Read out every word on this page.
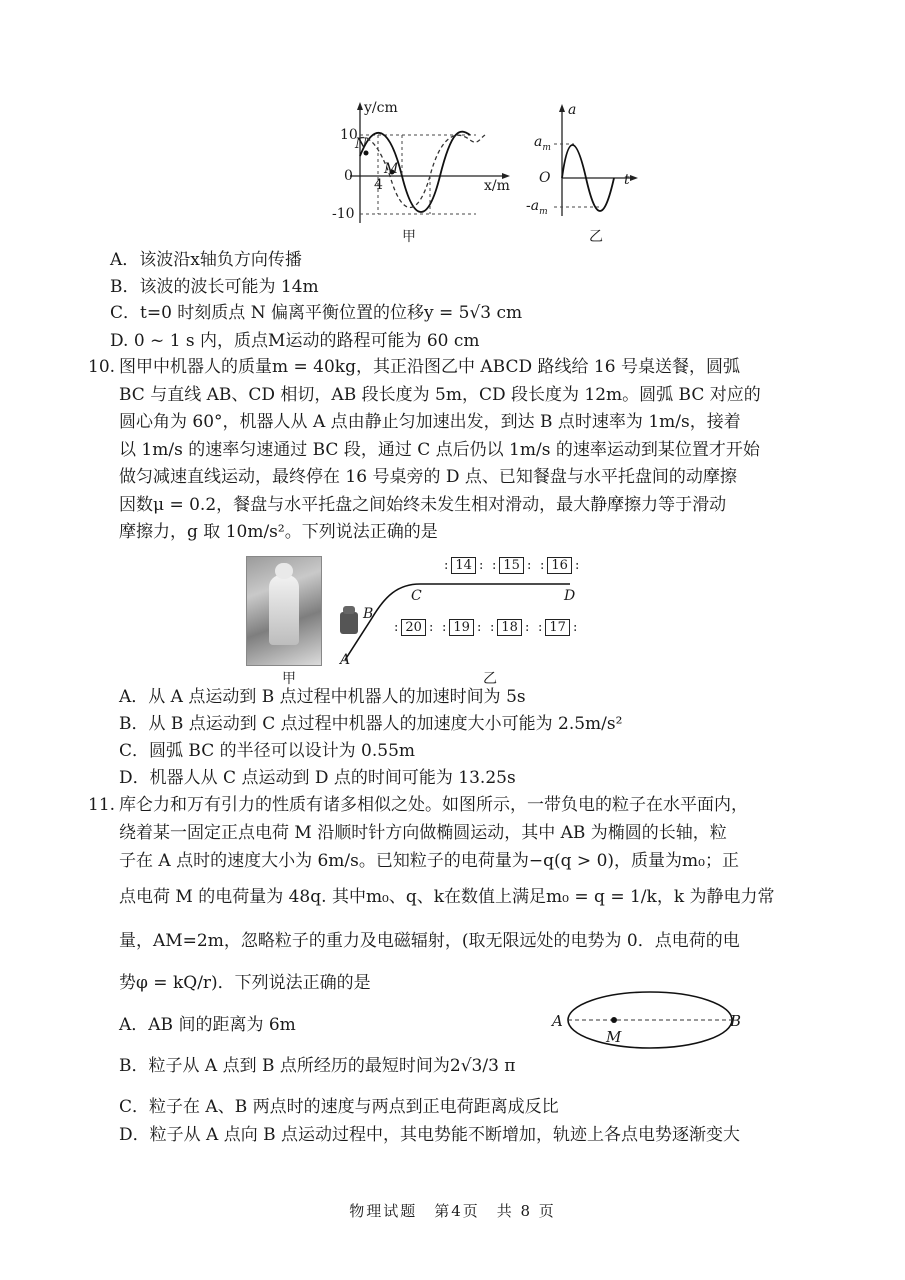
y/cm
x/m
10
0
-10
4
N
M
甲
a
t
O
$a_m$
$-a_m$
乙
A．该波沿x轴负方向传播
B．该波的波长可能为 14m
C．t=0 时刻质点 N 偏离平衡位置的位移y = 5√3 cm
D. 0 ~ 1 s 内，质点M运动的路程可能为 60 cm
10. 图甲中机器人的质量m = 40kg，其正沿图乙中 ABCD 路线给 16 号桌送餐，圆弧
BC 与直线 AB、CD 相切，AB 段长度为 5m，CD 段长度为 12m。圆弧 BC 对应的
圆心角为 60°，机器人从 A 点由静止匀加速出发，到达 B 点时速率为 1m/s，接着
以 1m/s 的速率匀速通过 BC 段，通过 C 点后仍以 1m/s 的速率运动到某位置才开始
做匀减速直线运动，最终停在 16 号桌旁的 D 点、已知餐盘与水平托盘间的动摩擦
因数μ = 0.2，餐盘与水平托盘之间始终未发生相对滑动，最大静摩擦力等于滑动
摩擦力，g 取 10m/s²。下列说法正确的是
甲
A
B
C	D
: 14 : : 15 : : 16 :
: 20 : : 19 : : 18 : : 17 :
乙
A．从 A 点运动到 B 点过程中机器人的加速时间为 5s
B．从 B 点运动到 C 点过程中机器人的加速度大小可能为 2.5m/s²
C．圆弧 BC 的半径可以设计为 0.55m
D．机器人从 C 点运动到 D 点的时间可能为 13.25s
11. 库仑力和万有引力的性质有诸多相似之处。如图所示，一带负电的粒子在水平面内，
绕着某一固定正点电荷 M 沿顺时针方向做椭圆运动，其中 AB 为椭圆的长轴，粒
子在 A 点时的速度大小为 6m/s。已知粒子的电荷量为−q(q > 0)，质量为m₀；正
点电荷 M 的电荷量为 48q. 其中m₀、q、k在数值上满足m₀ = q = 1/k，k 为静电力常
量，AM=2m，忽略粒子的重力及电磁辐射，(取无限远处的电势为 0．点电荷的电
势φ = kQ/r)．下列说法正确的是
A	B
M
A．AB 间的距离为 6m
B．粒子从 A 点到 B 点所经历的最短时间为2√3/3 π
C．粒子在 A、B 两点时的速度与两点到正电荷距离成反比
D．粒子从 A 点向 B 点运动过程中，其电势能不断增加，轨迹上各点电势逐渐变大
物理试题　第4页　共 8 页
